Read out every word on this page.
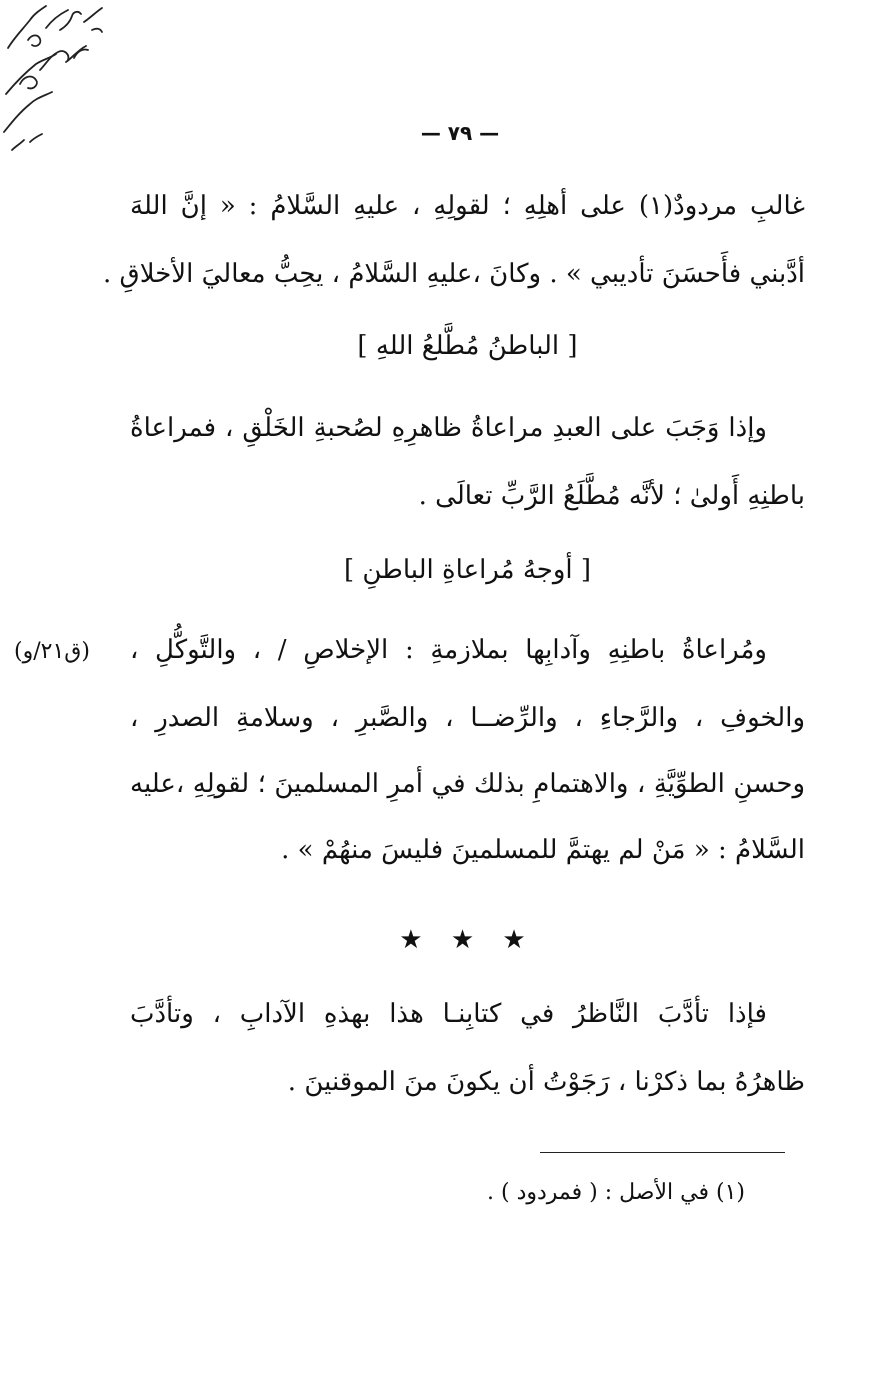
— ٧٩ —
غالبِ مردودٌ(١) على أهلِهِ ؛ لقولِهِ ، عليهِ السَّلامُ : « إنَّ اللهَ
أدَّبني فأَحسَنَ تأديبي » . وكانَ ،عليهِ السَّلامُ ، يحِبُّ معاليَ الأخلاقِ .
[ الباطنُ مُطَّلعُ اللهِ ]
وإذا وَجَبَ على العبدِ مراعاةُ ظاهرِهِ لصُحبةِ الخَلْقِ ، فمراعاةُ
باطنِهِ أَولىٰ ؛ لأنَّه مُطَّلَعُ الرَّبِّ تعالَى .
[ أوجهُ مُراعاةِ الباطنِ ]
ومُراعاةُ باطنِهِ وآدابِها بملازمةِ : الإخلاصِ / ، والتَّوكُّلِ ،
(ق٢١/و)
والخوفِ ، والرَّجاءِ ، والرِّضــا ، والصَّبرِ ، وسلامةِ الصدرِ ،
وحسنِ الطوِّيَّةِ ، والاهتمامِ بذلك في أمرِ المسلمينَ ؛ لقولِهِ ،عليه
السَّلامُ : « مَنْ لم يهتمَّ للمسلمينَ فليسَ منهُمْ » .
★ ★ ★
فإذا تأدَّبَ النَّاظرُ في كتابِنـا هذا بهذهِ الآدابِ ، وتأدَّبَ
ظاهرُهُ بما ذكرْنا ، رَجَوْتُ أن يكونَ منَ الموقنينَ .
(١) في الأصل : ( فمردود ) .
